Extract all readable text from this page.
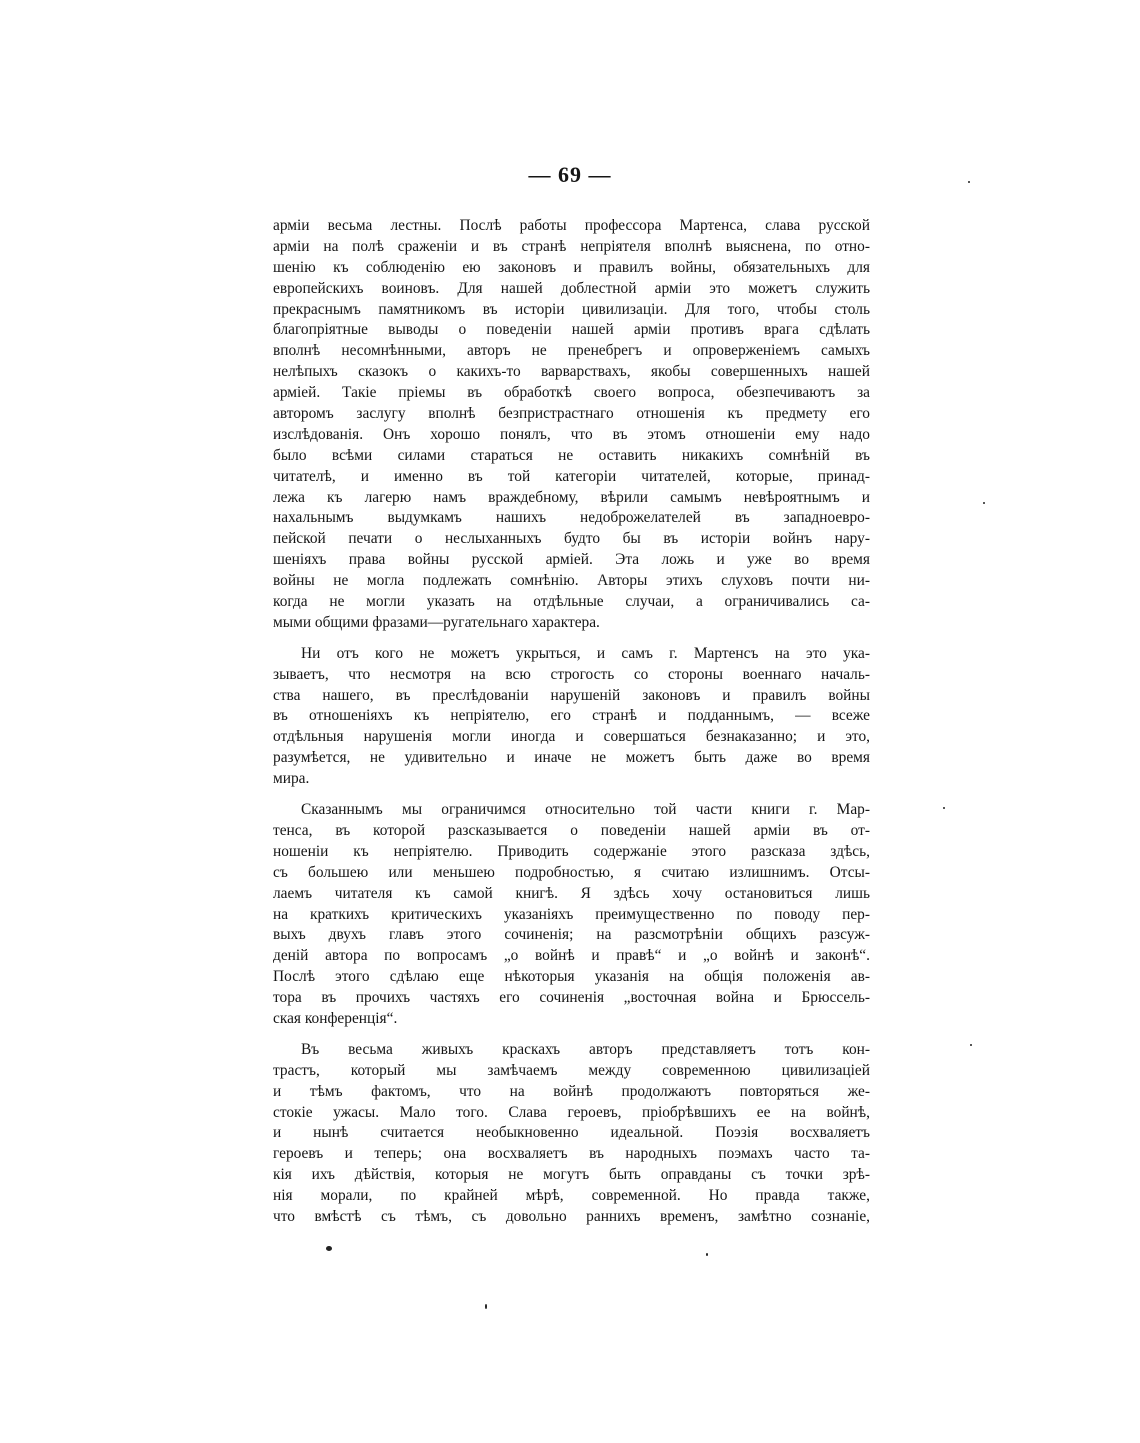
— 69 —
арміи весьма лестны. Послѣ работы профессора Мартенса, слава русской
арміи на полѣ сраженіи и въ странѣ непріятеля вполнѣ выяснена, по отно-
шенію къ соблюденію ею законовъ и правилъ войны, обязательныхъ для
европейскихъ воиновъ. Для нашей доблестной арміи это можетъ служить
прекраснымъ памятникомъ въ исторіи цивилизаціи. Для того, чтобы столь
благопріятные выводы о поведеніи нашей арміи противъ врага сдѣлать
вполнѣ несомнѣнными, авторъ не пренебрегъ и опроверженіемъ самыхъ
нелѣпыхъ сказокъ о какихъ-то варварствахъ, якобы совершенныхъ нашей
арміей. Такіе пріемы въ обработкѣ своего вопроса, обезпечиваютъ за
авторомъ заслугу вполнѣ безпристрастнаго отношенія къ предмету его
изслѣдованія. Онъ хорошо понялъ, что въ этомъ отношеніи ему надо
было всѣми силами стараться не оставить никакихъ сомнѣній въ
читателѣ, и именно въ той категоріи читателей, которые, принад-
лежа къ лагерю намъ враждебному, вѣрили самымъ невѣроятнымъ и
нахальнымъ выдумкамъ нашихъ недоброжелателей въ западноевро-
пейской печати о неслыханныхъ будто бы въ исторіи войнъ нару-
шеніяхъ права войны русской арміей. Эта ложь и уже во время
войны не могла подлежать сомнѣнію. Авторы этихъ слуховъ почти ни-
когда не могли указать на отдѣльные случаи, а ограничивались са-
мыми общими фразами—ругательнаго характера.
Ни отъ кого не можетъ укрыться, и самъ г. Мартенсъ на это ука-
зываетъ, что несмотря на всю строгость со стороны военнаго началь-
ства нашего, въ преслѣдованіи нарушеній законовъ и правилъ войны
въ отношеніяхъ къ непріятелю, его странѣ и подданнымъ, — всеже
отдѣльныя нарушенія могли иногда и совершаться безнаказанно; и это,
разумѣется, не удивительно и иначе не можетъ быть даже во время
мира.
Сказаннымъ мы ограничимся относительно той части книги г. Мар-
тенса, въ которой разсказывается о поведеніи нашей арміи въ от-
ношеніи къ непріятелю. Приводить содержаніе этого разсказа здѣсь,
съ большею или меньшею подробностью, я считаю излишнимъ. Отсы-
лаемъ читателя къ самой книгѣ. Я здѣсь хочу остановиться лишь
на краткихъ критическихъ указаніяхъ преимущественно по поводу пер-
выхъ двухъ главъ этого сочиненія; на разсмотрѣніи общихъ разсуж-
деній автора по вопросамъ „о войнѣ и правѣ“ и „о войнѣ и законѣ“.
Послѣ этого сдѣлаю еще нѣкоторыя указанія на общія положенія ав-
тора въ прочихъ частяхъ его сочиненія „восточная война и Брюссель-
ская конференція“.
Въ весьма живыхъ краскахъ авторъ представляетъ тотъ кон-
трастъ, который мы замѣчаемъ между современною цивилизаціей
и тѣмъ фактомъ, что на войнѣ продолжаютъ повторяться же-
стокіе ужасы. Мало того. Слава героевъ, пріобрѣвшихъ ее на войнѣ,
и нынѣ считается необыкновенно идеальной. Поэзія восхваляетъ
героевъ и теперь; она восхваляетъ въ народныхъ поэмахъ часто та-
кія ихъ дѣйствія, которыя не могутъ быть оправданы съ точки зрѣ-
нія морали, по крайней мѣрѣ, современной. Но правда также,
что вмѣстѣ съ тѣмъ, съ довольно раннихъ временъ, замѣтно сознаніе,
